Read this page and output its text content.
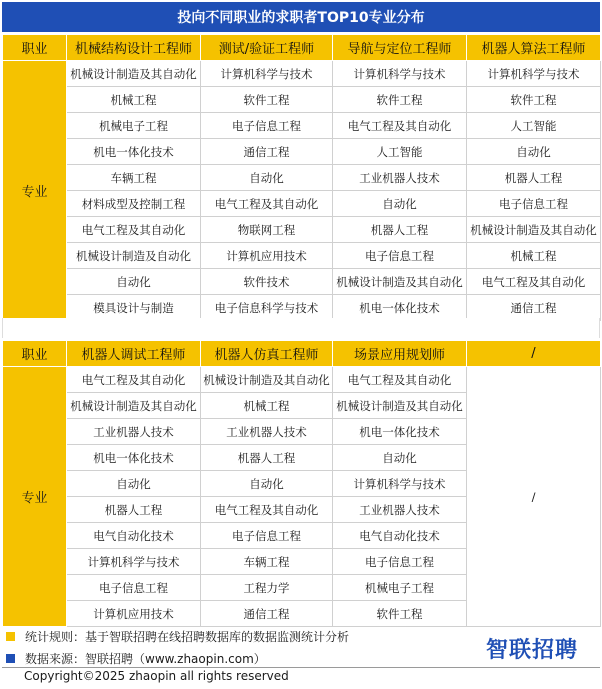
投向不同职业的求职者TOP10专业分布
职业	机械结构设计工程师	测试/验证工程师	导航与定位工程师	机器人算法工程师
专业	机械设计制造及其自动化	计算机科学与技术	计算机科学与技术	计算机科学与技术
	机械工程	软件工程	软件工程	软件工程
	机械电子工程	电子信息工程	电气工程及其自动化	人工智能
	机电一体化技术	通信工程	人工智能	自动化
	车辆工程	自动化	工业机器人技术	机器人工程
	材料成型及控制工程	电气工程及其自动化	自动化	电子信息工程
	电气工程及其自动化	物联网工程	机器人工程	机械设计制造及其自动化
	机械设计制造及自动化	计算机应用技术	电子信息工程	机械工程
	自动化	软件技术	机械设计制造及其自动化	电气工程及其自动化
	模具设计与制造	电子信息科学与技术	机电一体化技术	通信工程
职业	机器人调试工程师	机器人仿真工程师	场景应用规划师	/
专业	电气工程及其自动化	机械设计制造及其自动化	电气工程及其自动化	/
	机械设计制造及其自动化	机械工程	机械设计制造及其自动化	
	工业机器人技术	工业机器人技术	机电一体化技术	
	机电一体化技术	机器人工程	自动化	
	自动化	自动化	计算机科学与技术	
	机器人工程	电气工程及其自动化	工业机器人技术	
	电气自动化技术	电子信息工程	电气自动化技术	
	计算机科学与技术	车辆工程	电子信息工程	
	电子信息工程	工程力学	机械电子工程	
	计算机应用技术	通信工程	软件工程	
统计规则：基于智联招聘在线招聘数据库的数据监测统计分析
数据来源：智联招聘（www.zhaopin.com）	智联招聘
Copyright©2025 zhaopin all rights reserved
